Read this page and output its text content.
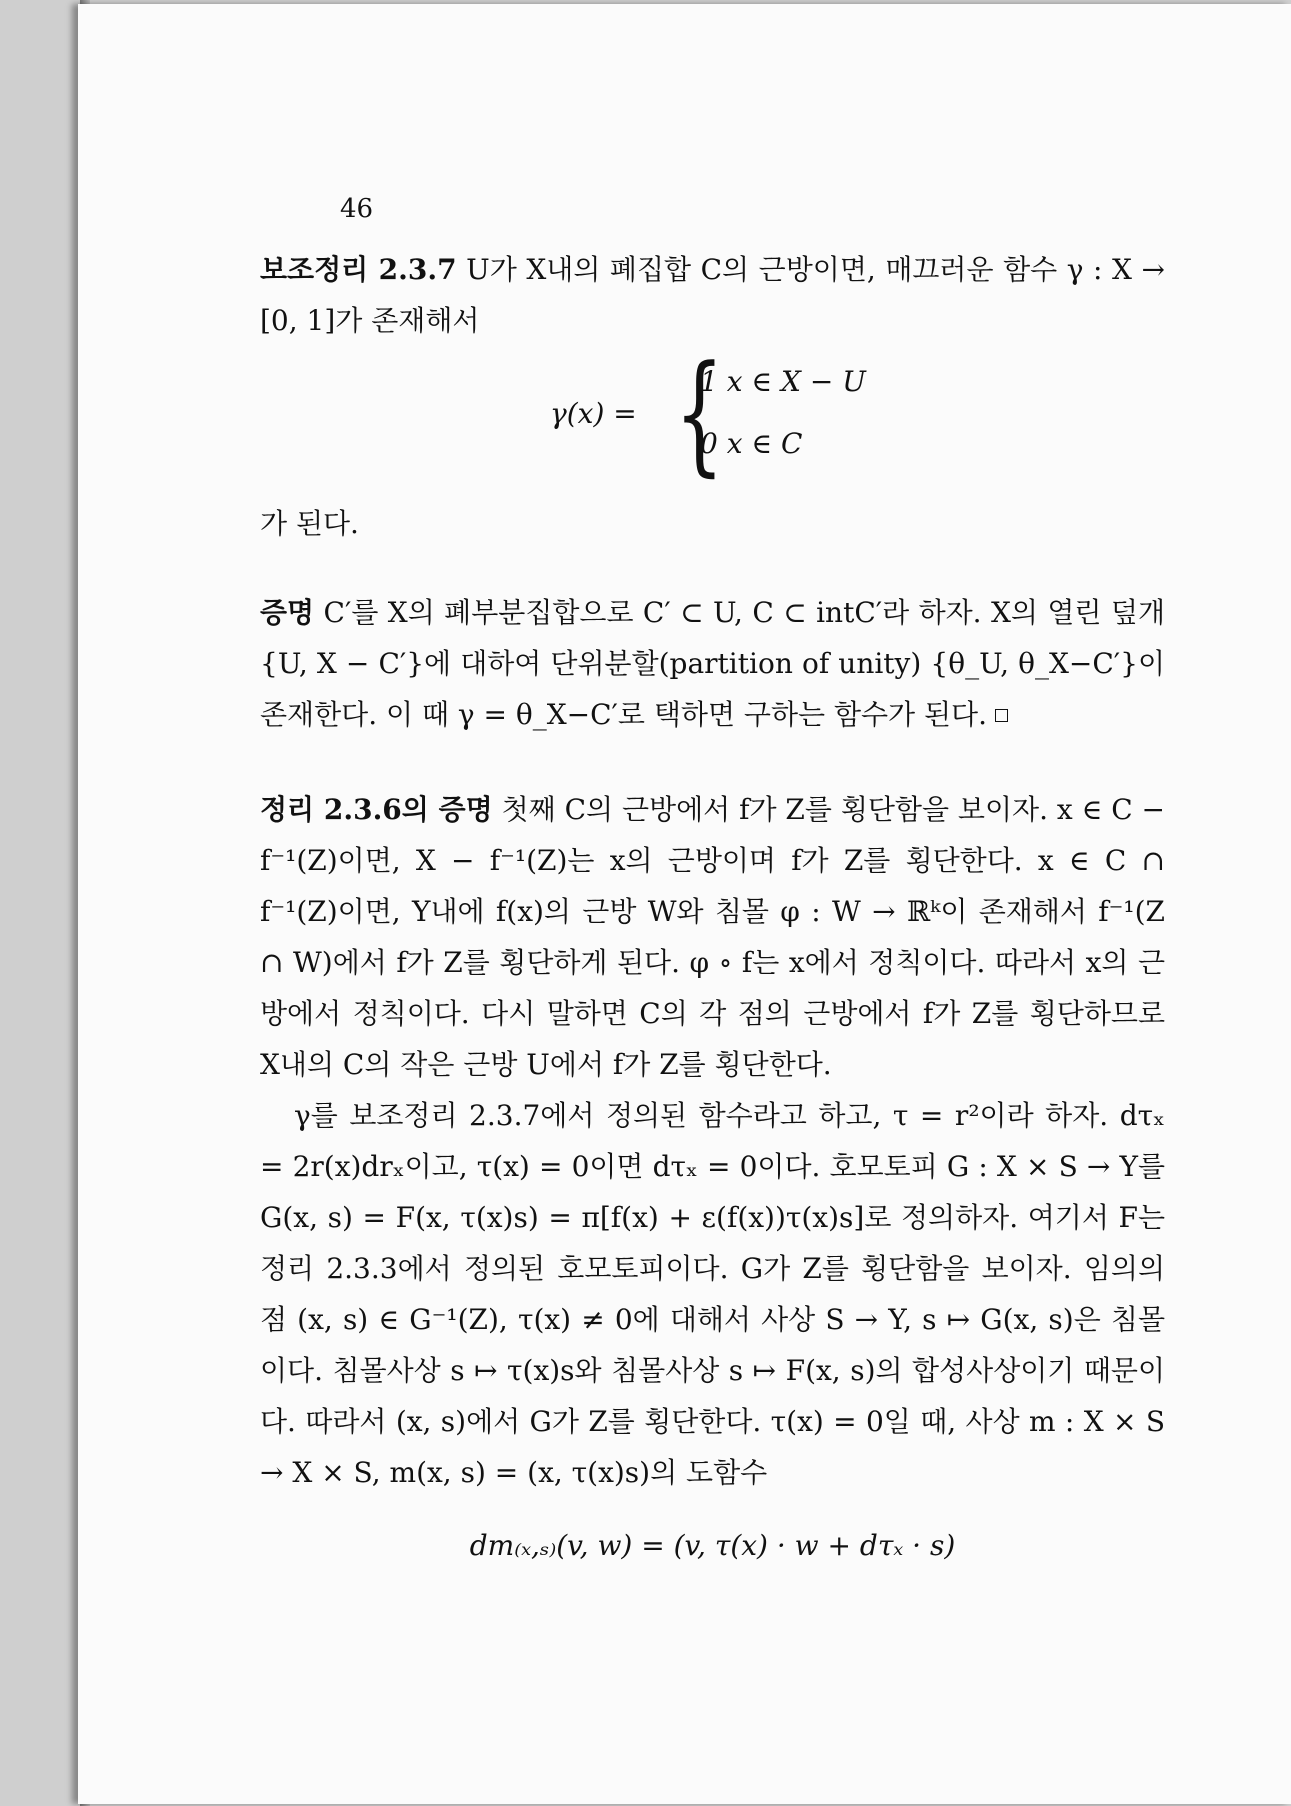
46

보조정리 2.3.7 U가 X내의 폐집합 C의 근방이면, 매끄러운 함수 γ : X → [0, 1]가 존재해서

γ(x) = {
1 x ∈ X − U
0 x ∈ C

가 된다.

증명 C′를 X의 폐부분집합으로 C′ ⊂ U, C ⊂ intC′라 하자. X의 열린 덮개 {U, X − C′}에 대하여 단위분할(partition of unity) {θ_U, θ_X−C′}이 존재한다. 이 때 γ = θ_X−C′로 택하면 구하는 함수가 된다.

정리 2.3.6의 증명 첫째 C의 근방에서 f가 Z를 횡단함을 보이자. x ∈ C − f⁻¹(Z)이면, X − f⁻¹(Z)는 x의 근방이며 f가 Z를 횡단한다. x ∈ C ∩ f⁻¹(Z)이면, Y내에 f(x)의 근방 W와 침몰 φ : W → ℝᵏ이 존재해서 f⁻¹(Z ∩ W)에서 f가 Z를 횡단하게 된다. φ ∘ f는 x에서 정칙이다. 따라서 x의 근방에서 정칙이다. 다시 말하면 C의 각 점의 근방에서 f가 Z를 횡단하므로 X내의 C의 작은 근방 U에서 f가 Z를 횡단한다.

γ를 보조정리 2.3.7에서 정의된 함수라고 하고, τ = r²이라 하자. dτₓ = 2r(x)drₓ이고, τ(x) = 0이면 dτₓ = 0이다. 호모토피 G : X × S → Y를 G(x, s) = F(x, τ(x)s) = π[f(x) + ε(f(x))τ(x)s]로 정의하자. 여기서 F는 정리 2.3.3에서 정의된 호모토피이다. G가 Z를 횡단함을 보이자. 임의의 점 (x, s) ∈ G⁻¹(Z), τ(x) ≠ 0에 대해서 사상 S → Y, s ↦ G(x, s)은 침몰이다. 침몰사상 s ↦ τ(x)s와 침몰사상 s ↦ F(x, s)의 합성사상이기 때문이다. 따라서 (x, s)에서 G가 Z를 횡단한다. τ(x) = 0일 때, 사상 m : X × S → X × S, m(x, s) = (x, τ(x)s)의 도함수

dm₍ₓ,ₛ₎(v, w) = (v, τ(x) · w + dτₓ · s)
